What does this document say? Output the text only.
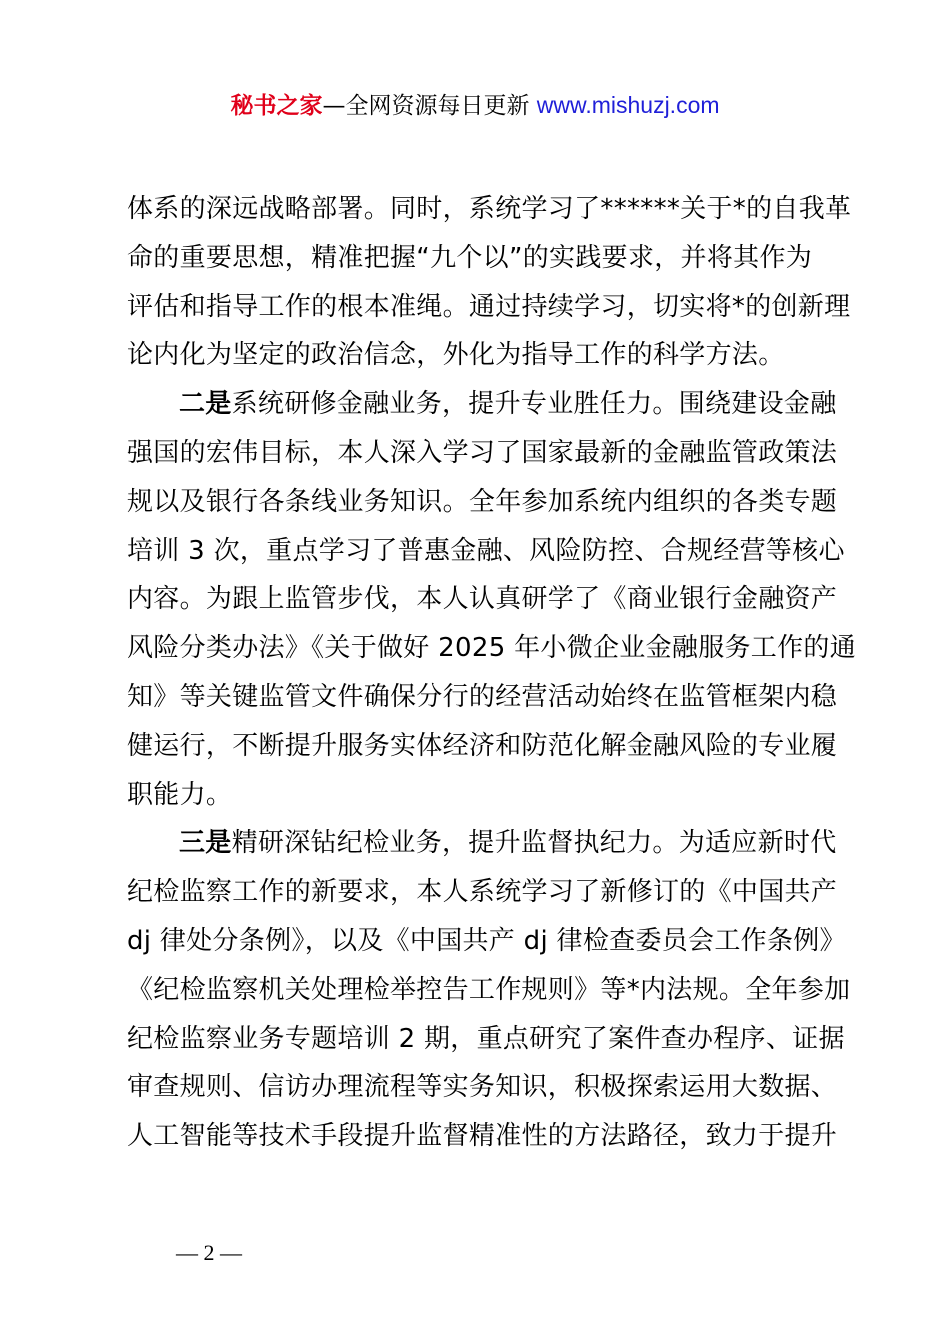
秘书之家—全网资源每日更新 www.mishuzj.com

体系的深远战略部署。同时，系统学习了******关于*的自我革
命的重要思想，精准把握“九个以”的实践要求，并将其作为
评估和指导工作的根本准绳。通过持续学习，切实将*的创新理
论内化为坚定的政治信念，外化为指导工作的科学方法。

二是系统研修金融业务，提升专业胜任力。围绕建设金融
强国的宏伟目标，本人深入学习了国家最新的金融监管政策法
规以及银行各条线业务知识。全年参加系统内组织的各类专题
培训 3 次，重点学习了普惠金融、风险防控、合规经营等核心
内容。为跟上监管步伐，本人认真研学了《商业银行金融资产
风险分类办法》《关于做好 2025 年小微企业金融服务工作的通
知》等关键监管文件确保分行的经营活动始终在监管框架内稳
健运行，不断提升服务实体经济和防范化解金融风险的专业履
职能力。

三是精研深钻纪检业务，提升监督执纪力。为适应新时代
纪检监察工作的新要求，本人系统学习了新修订的《中国共产
dj 律处分条例》，以及《中国共产 dj 律检查委员会工作条例》
《纪检监察机关处理检举控告工作规则》等*内法规。全年参加
纪检监察业务专题培训 2 期，重点研究了案件查办程序、证据
审查规则、信访办理流程等实务知识，积极探索运用大数据、
人工智能等技术手段提升监督精准性的方法路径，致力于提升

— 2 —
